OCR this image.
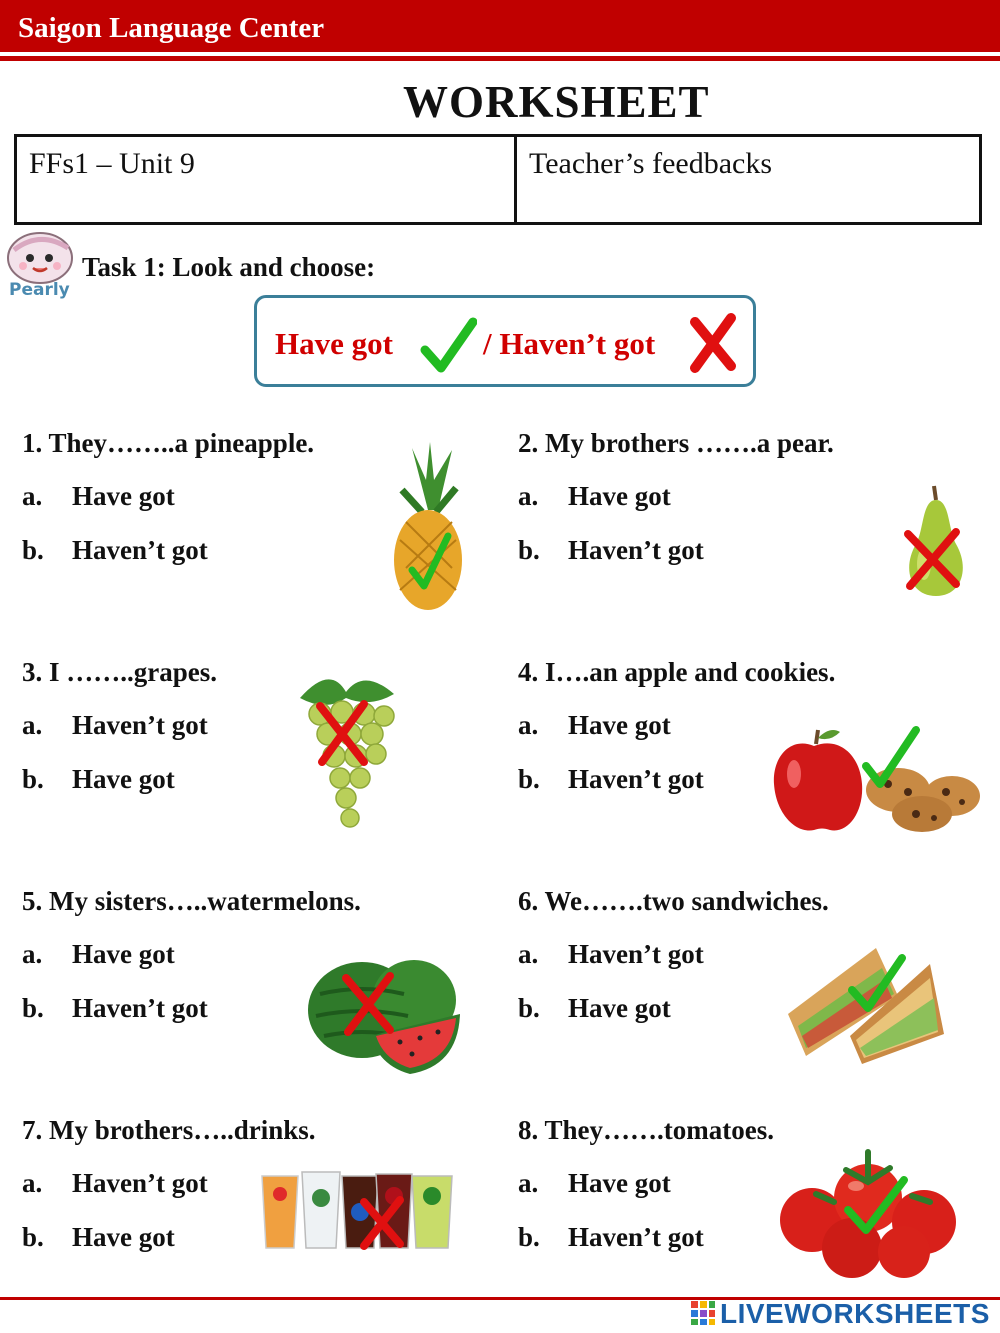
Saigon Language Center
WORKSHEET
FFs1 – Unit 9	Teacher’s feedbacks
Pearly
Task 1: Look and choose:
Have got	/ Haven’t got
1. They……..a pineapple.
a. Have got
b. Haven’t got
2. My brothers …….a pear.
a. Have got
b. Haven’t got
3. I ……..grapes.
a. Haven’t got
b. Have got
4. I….an apple and cookies.
a. Have got
b. Haven’t got
5. My sisters…..watermelons.
a. Have got
b. Haven’t got
6. We…….two sandwiches.
a. Haven’t got
b. Have got
7. My brothers…..drinks.
a. Haven’t got
b. Have got
8. They…….tomatoes.
a. Have got
b. Haven’t got
LIVEWORKSHEETS
